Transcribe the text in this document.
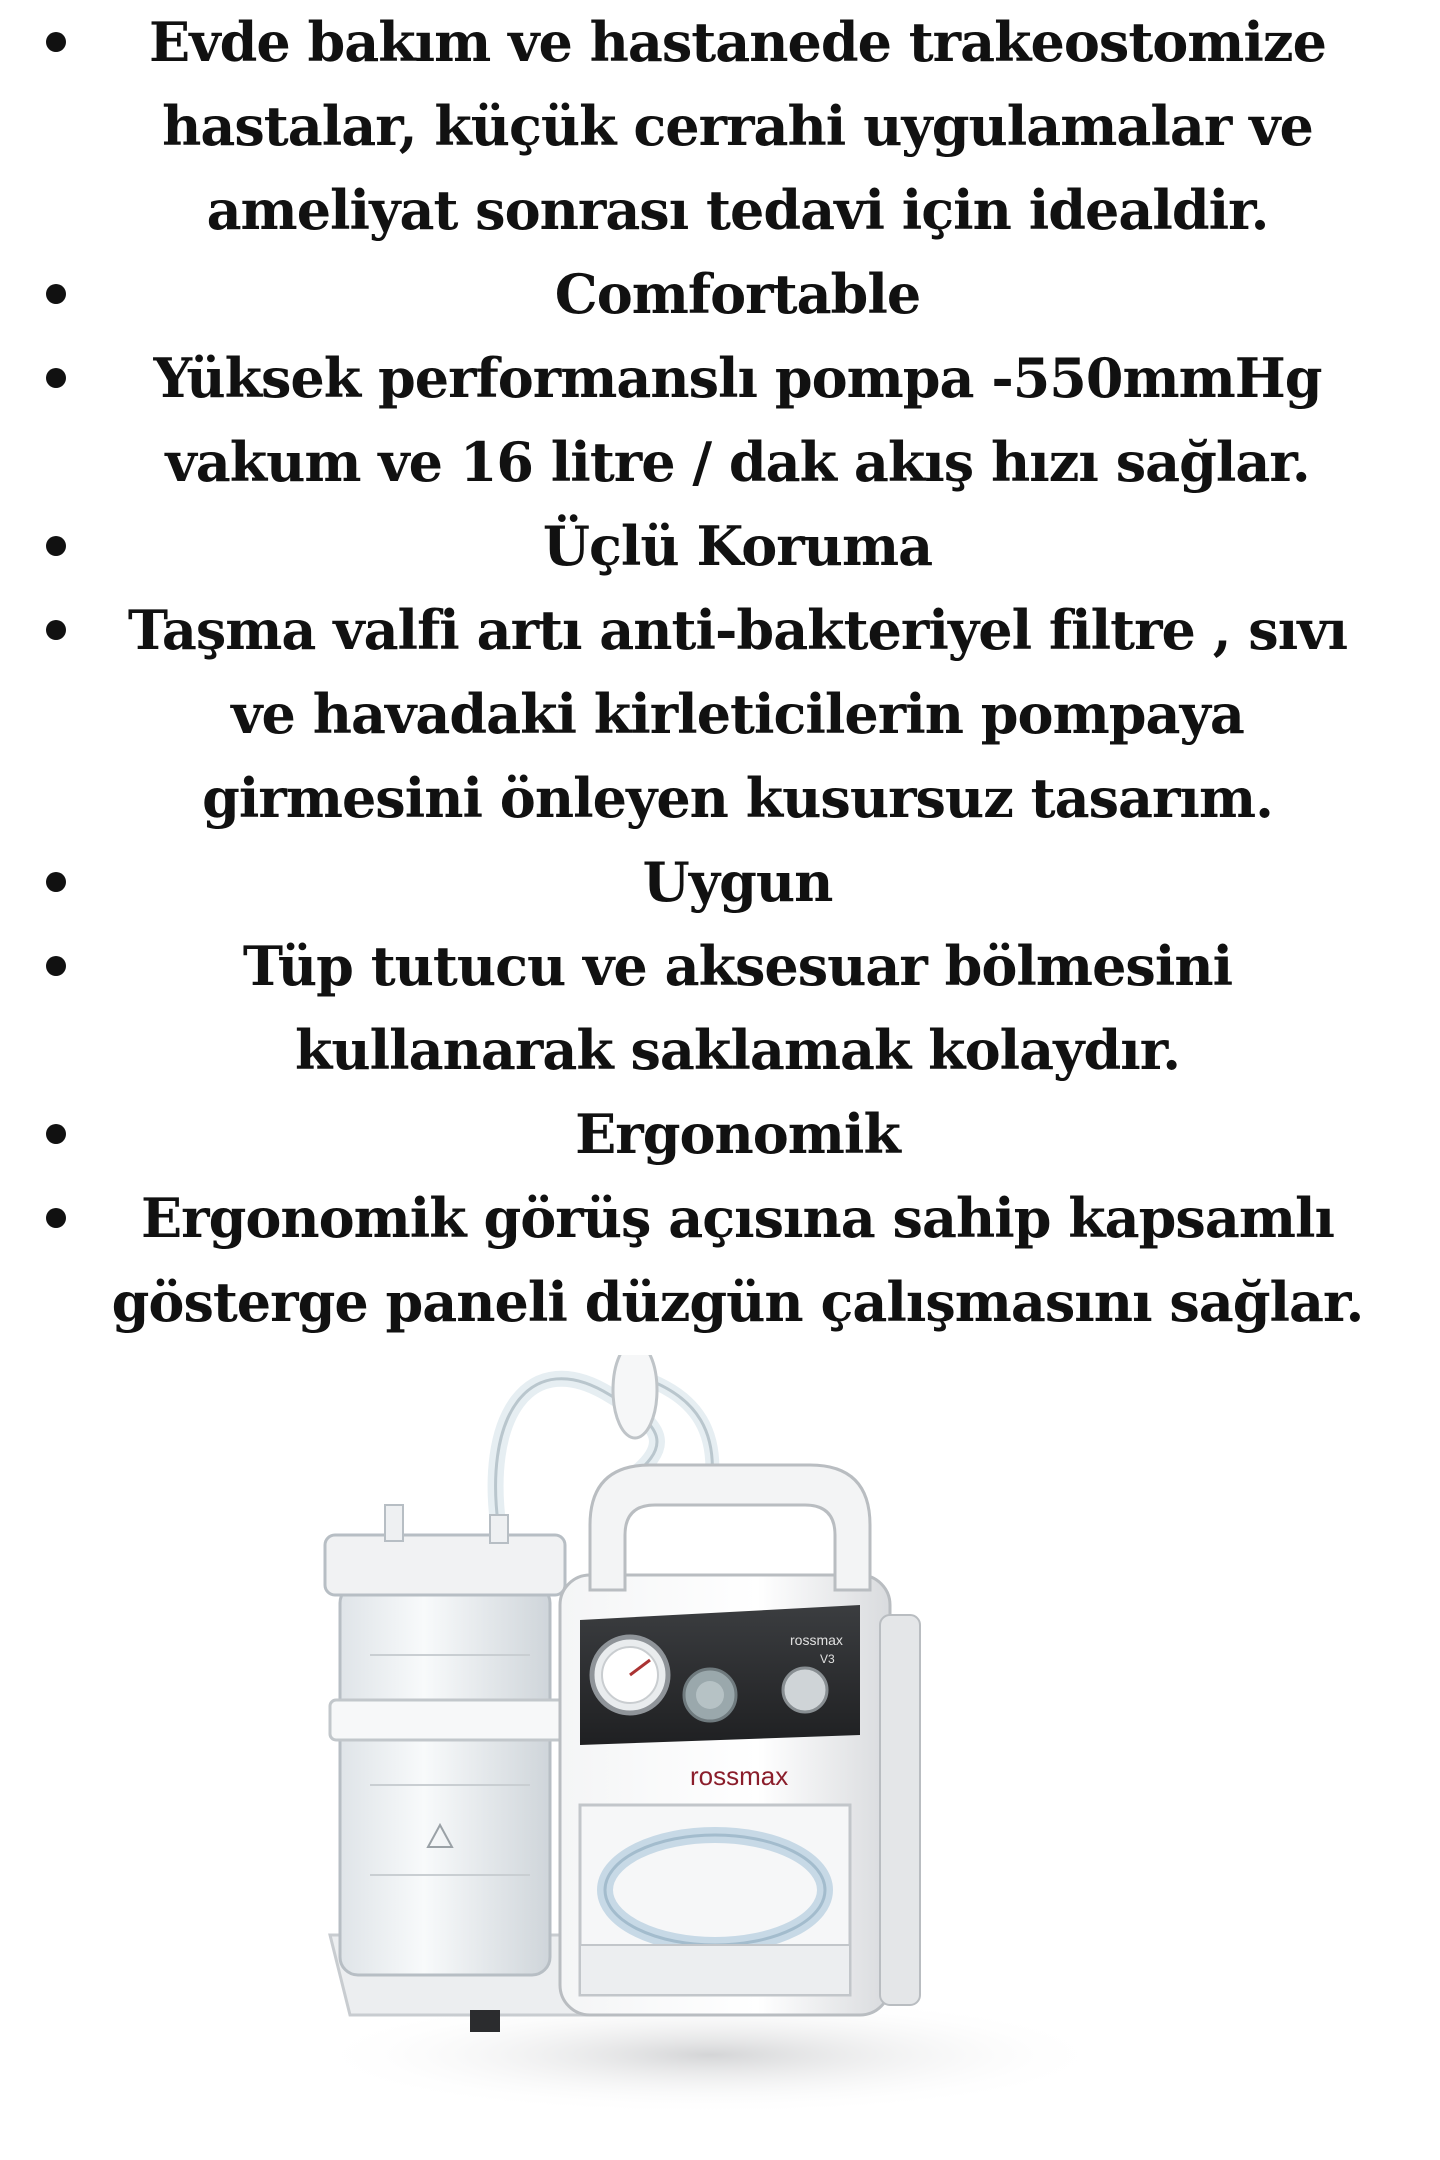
Evde bakım ve hastanede trakeostomize hastalar, küçük cerrahi uygulamalar ve ameliyat sonrası tedavi için idealdir.
Comfortable
Yüksek performanslı pompa -550mmHg vakum ve 16 litre / dak akış hızı sağlar.
Üçlü Koruma
Taşma valfi artı anti-bakteriyel filtre , sıvı ve havadaki kirleticilerin pompaya girmesini önleyen kusursuz tasarım.
Uygun
Tüp tutucu ve aksesuar bölmesini kullanarak saklamak kolaydır.
Ergonomik
Ergonomik görüş açısına sahip kapsamlı gösterge paneli düzgün çalışmasını sağlar.
rossmax
V3
rossmax
